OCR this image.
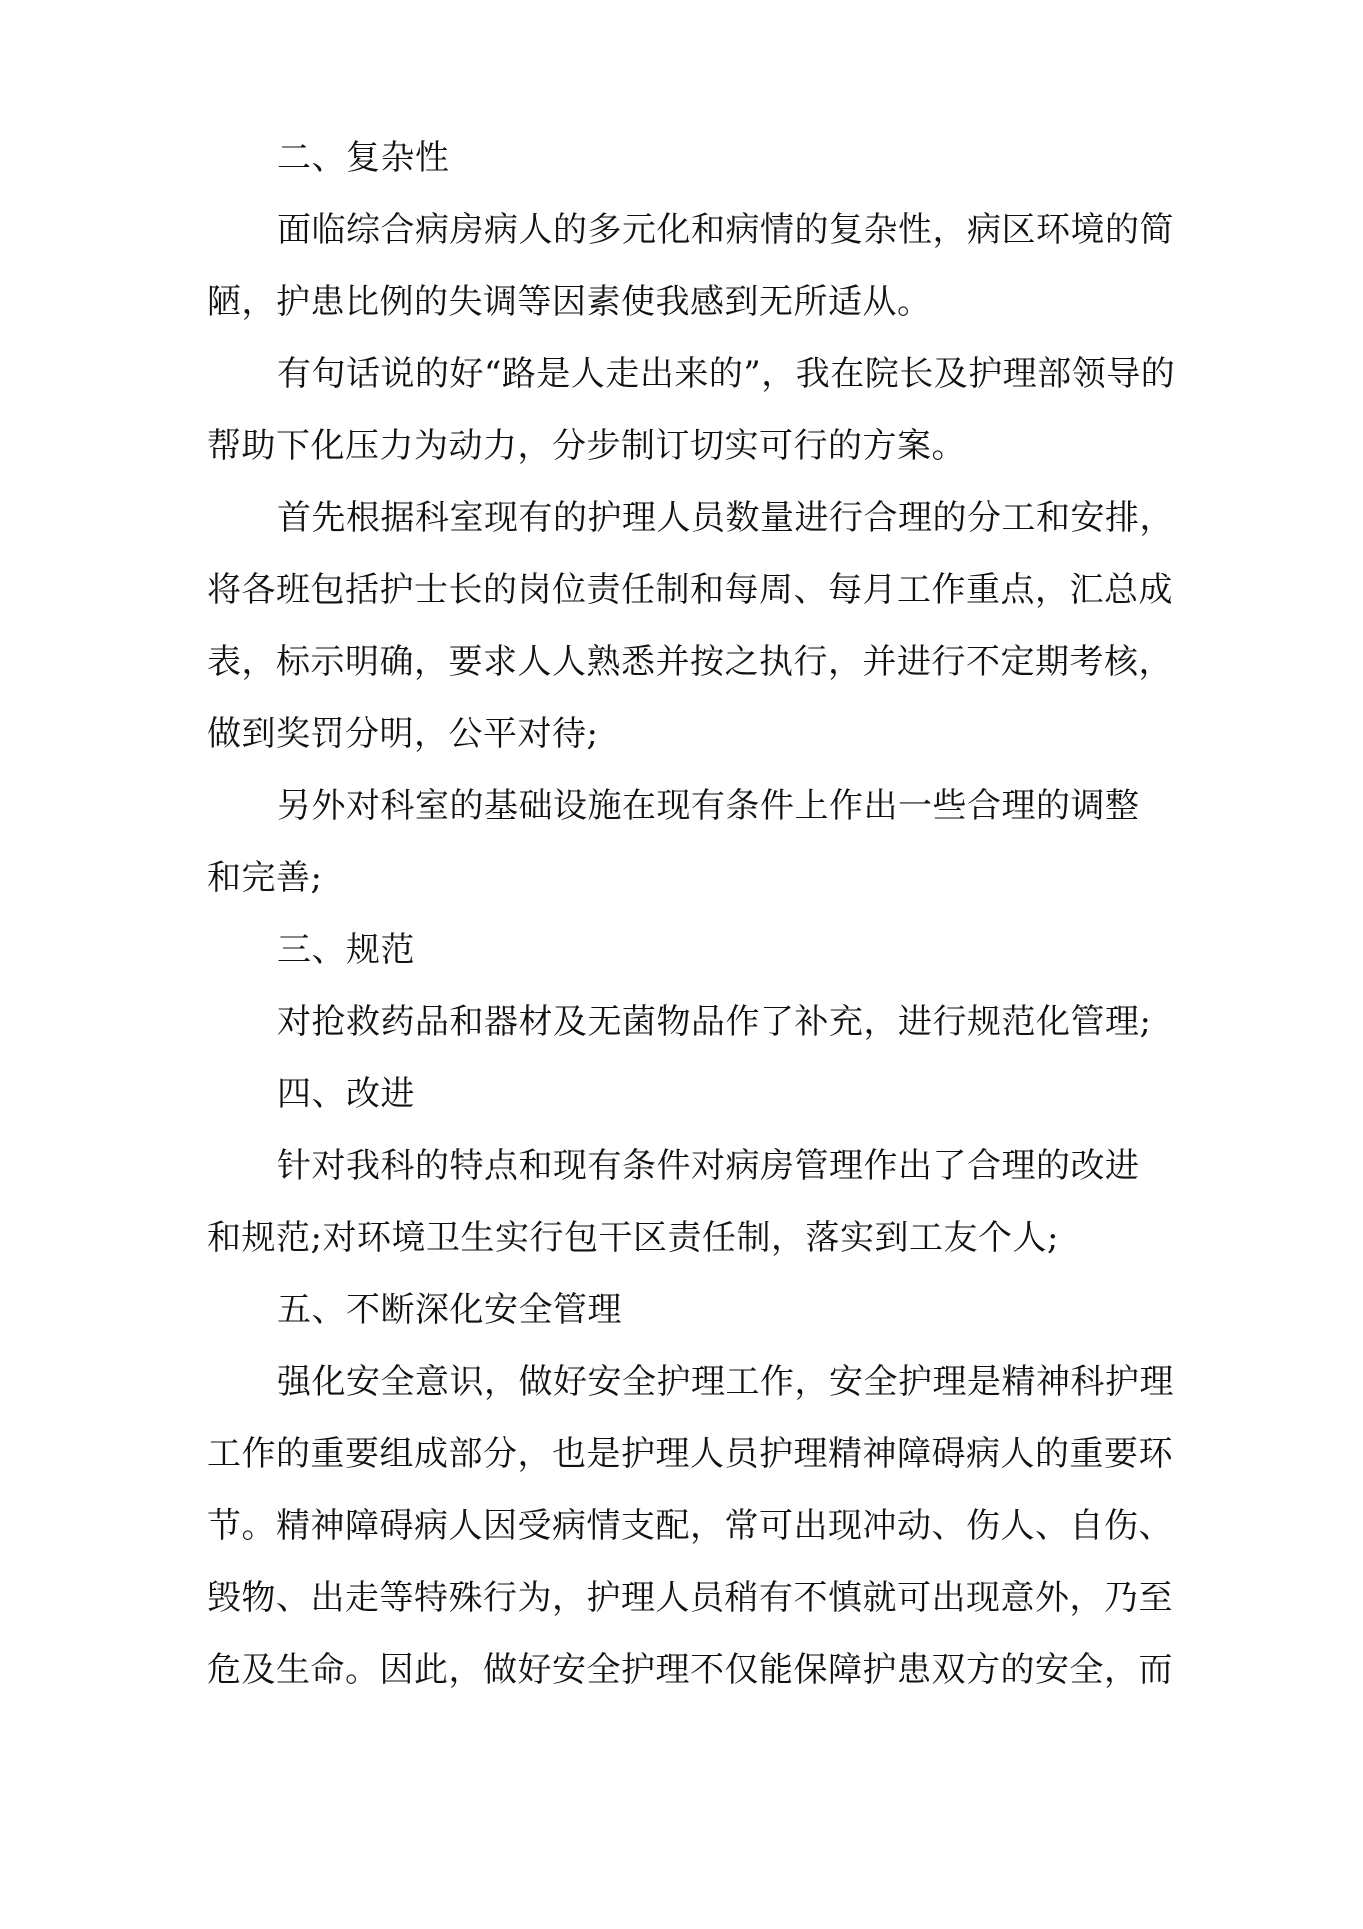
二、复杂性
面临综合病房病人的多元化和病情的复杂性，病区环境的简
陋，护患比例的失调等因素使我感到无所适从。
有句话说的好“路是人走出来的”，我在院长及护理部领导的
帮助下化压力为动力，分步制订切实可行的方案。
首先根据科室现有的护理人员数量进行合理的分工和安排，
将各班包括护士长的岗位责任制和每周、每月工作重点，汇总成
表，标示明确，要求人人熟悉并按之执行，并进行不定期考核，
做到奖罚分明，公平对待;
另外对科室的基础设施在现有条件上作出一些合理的调整
和完善;
三、规范
对抢救药品和器材及无菌物品作了补充，进行规范化管理;
四、改进
针对我科的特点和现有条件对病房管理作出了合理的改进
和规范;对环境卫生实行包干区责任制，落实到工友个人;
五、不断深化安全管理
强化安全意识，做好安全护理工作，安全护理是精神科护理
工作的重要组成部分，也是护理人员护理精神障碍病人的重要环
节。精神障碍病人因受病情支配，常可出现冲动、伤人、自伤、
毁物、出走等特殊行为，护理人员稍有不慎就可出现意外，乃至
危及生命。因此，做好安全护理不仅能保障护患双方的安全，而
